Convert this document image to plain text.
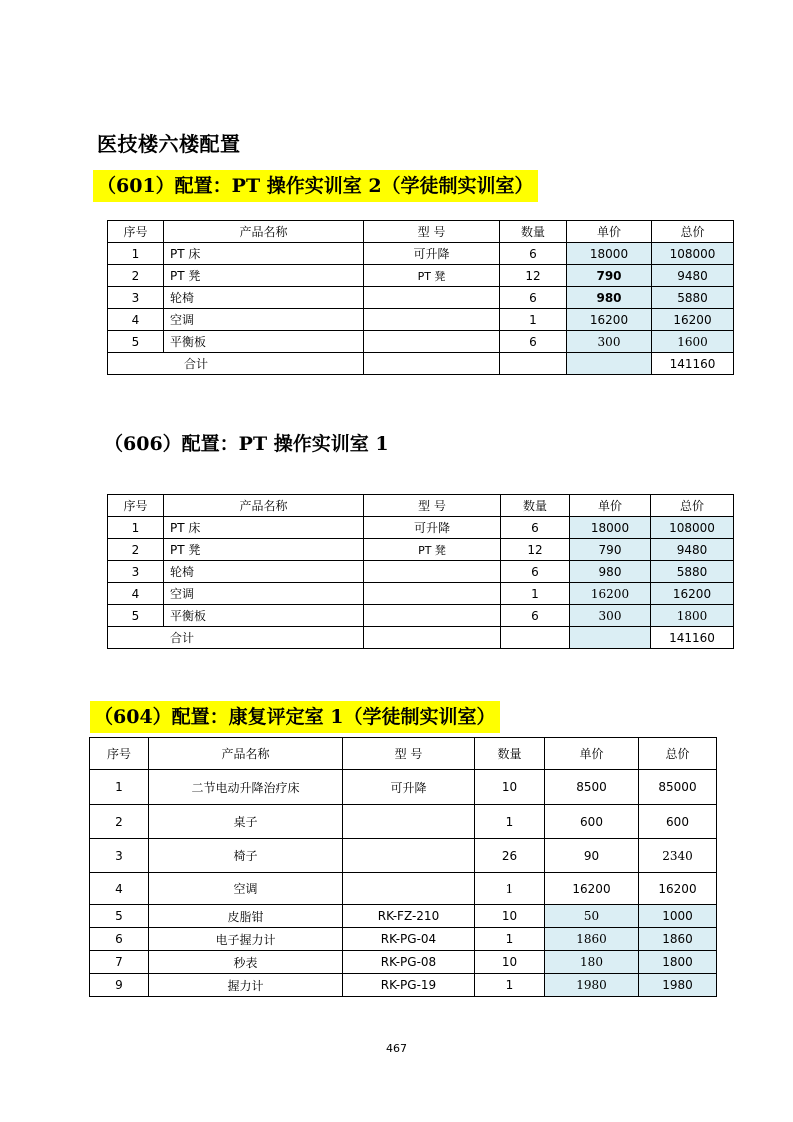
医技楼六楼配置
（601）配置：PT 操作实训室 2（学徒制实训室）
序号	产品名称	型 号	数量	单价	总价
1	PT 床	可升降	6	18000	108000
2	PT 凳	PT 凳	12	790	9480
3	轮椅		6	980	5880
4	空调		1	16200	16200
5	平衡板		6	300	1600
合计					141160
（606）配置：PT 操作实训室 1
序号	产品名称	型 号	数量	单价	总价
1	PT 床	可升降	6	18000	108000
2	PT 凳	PT 凳	12	790	9480
3	轮椅		6	980	5880
4	空调		1	16200	16200
5	平衡板		6	300	1800
合计					141160
（604）配置：康复评定室 1（学徒制实训室）
序号	产品名称	型 号	数量	单价	总价
1	二节电动升降治疗床	可升降	10	8500	85000
2	桌子		1	600	600
3	椅子		26	90	2340
4	空调		1	16200	16200
5	皮脂钳	RK-FZ-210	10	50	1000
6	电子握力计	RK-PG-04	1	1860	1860
7	秒表	RK-PG-08	10	180	1800
9	握力计	RK-PG-19	1	1980	1980
467
